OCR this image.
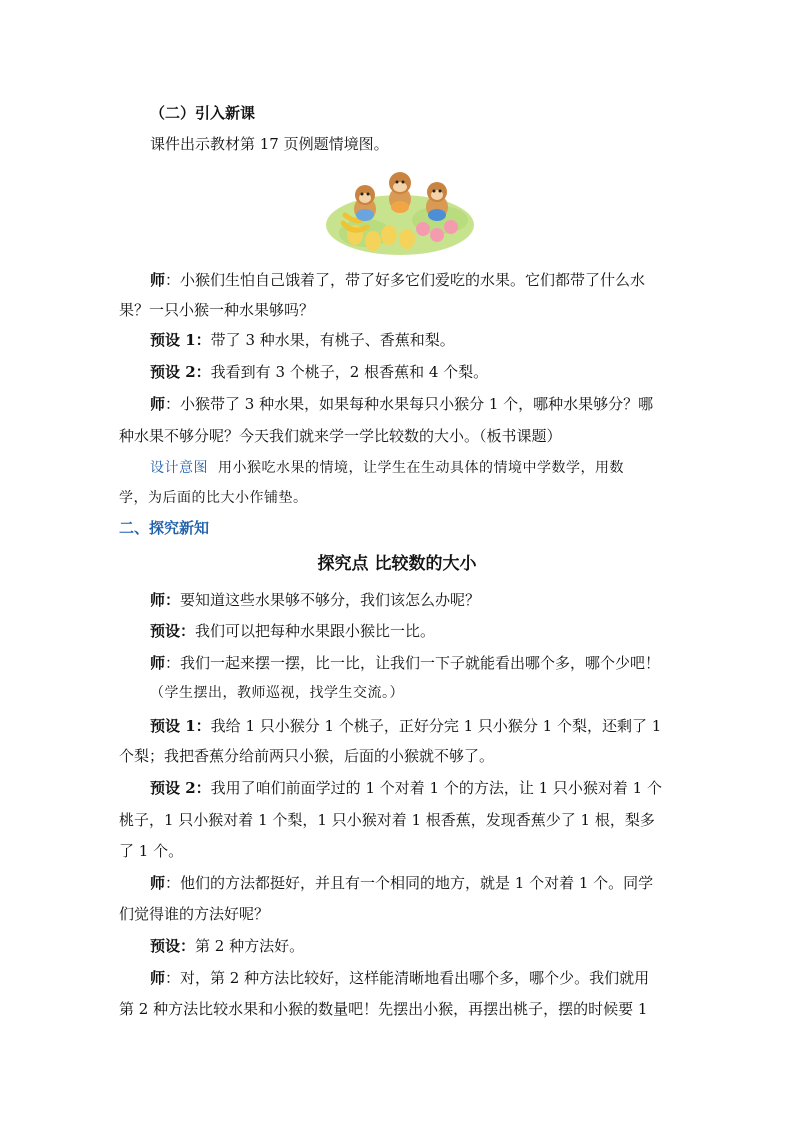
（二）引入新课
课件出示教材第 17 页例题情境图。
师：小猴们生怕自己饿着了，带了好多它们爱吃的水果。它们都带了什么水
果？一只小猴一种水果够吗？
预设 1：带了 3 种水果，有桃子、香蕉和梨。
预设 2：我看到有 3 个桃子，2 根香蕉和 4 个梨。
师：小猴带了 3 种水果，如果每种水果每只小猴分 1 个，哪种水果够分？哪
种水果不够分呢？今天我们就来学一学比较数的大小。（板书课题）
设计意图 用小猴吃水果的情境，让学生在生动具体的情境中学数学，用数
学，为后面的比大小作铺垫。
二、探究新知
探究点 比较数的大小
师：要知道这些水果够不够分，我们该怎么办呢？
预设：我们可以把每种水果跟小猴比一比。
师：我们一起来摆一摆，比一比，让我们一下子就能看出哪个多，哪个少吧！
（学生摆出，教师巡视，找学生交流。）
预设 1：我给 1 只小猴分 1 个桃子，正好分完 1 只小猴分 1 个梨，还剩了 1
个梨；我把香蕉分给前两只小猴，后面的小猴就不够了。
预设 2：我用了咱们前面学过的 1 个对着 1 个的方法，让 1 只小猴对着 1 个
桃子，1 只小猴对着 1 个梨，1 只小猴对着 1 根香蕉，发现香蕉少了 1 根，梨多
了 1 个。
师：他们的方法都挺好，并且有一个相同的地方，就是 1 个对着 1 个。同学
们觉得谁的方法好呢？
预设：第 2 种方法好。
师：对，第 2 种方法比较好，这样能清晰地看出哪个多，哪个少。我们就用
第 2 种方法比较水果和小猴的数量吧！先摆出小猴，再摆出桃子，摆的时候要 1
